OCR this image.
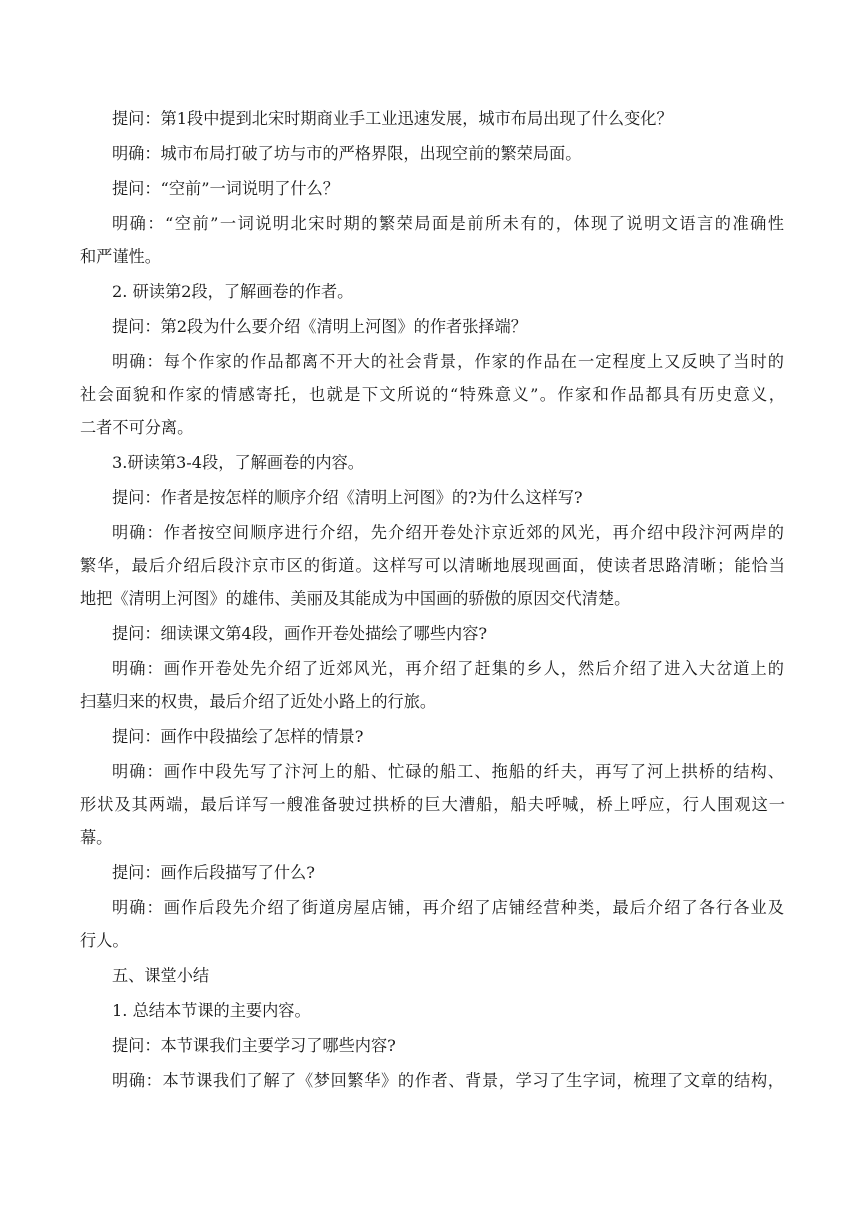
提问：第1段中提到北宋时期商业手工业迅速发展，城市布局出现了什么变化？
明确：城市布局打破了坊与市的严格界限，出现空前的繁荣局面。
提问：“空前”一词说明了什么？
明确：“空前”一词说明北宋时期的繁荣局面是前所未有的，体现了说明文语言的准确性
和严谨性。
2. 研读第2段，了解画卷的作者。
提问：第2段为什么要介绍《清明上河图》的作者张择端？
明确：每个作家的作品都离不开大的社会背景，作家的作品在一定程度上又反映了当时的
社会面貌和作家的情感寄托，也就是下文所说的“特殊意义”。作家和作品都具有历史意义，
二者不可分离。
3.研读第3-4段，了解画卷的内容。
提问：作者是按怎样的顺序介绍《清明上河图》的?为什么这样写?
明确：作者按空间顺序进行介绍，先介绍开卷处汴京近郊的风光，再介绍中段汴河两岸的
繁华，最后介绍后段汴京市区的街道。这样写可以清晰地展现画面，使读者思路清晰；能恰当
地把《清明上河图》的雄伟、美丽及其能成为中国画的骄傲的原因交代清楚。
提问：细读课文第4段，画作开卷处描绘了哪些内容?
明确：画作开卷处先介绍了近郊风光，再介绍了赶集的乡人，然后介绍了进入大岔道上的
扫墓归来的权贵，最后介绍了近处小路上的行旅。
提问：画作中段描绘了怎样的情景?
明确：画作中段先写了汴河上的船、忙碌的船工、拖船的纤夫，再写了河上拱桥的结构、
形状及其两端，最后详写一艘准备驶过拱桥的巨大漕船，船夫呼喊，桥上呼应，行人围观这一
幕。
提问：画作后段描写了什么?
明确：画作后段先介绍了街道房屋店铺，再介绍了店铺经营种类，最后介绍了各行各业及
行人。
五、课堂小结
1. 总结本节课的主要内容。
提问：本节课我们主要学习了哪些内容?
明确：本节课我们了解了《梦回繁华》的作者、背景，学习了生字词，梳理了文章的结构，
